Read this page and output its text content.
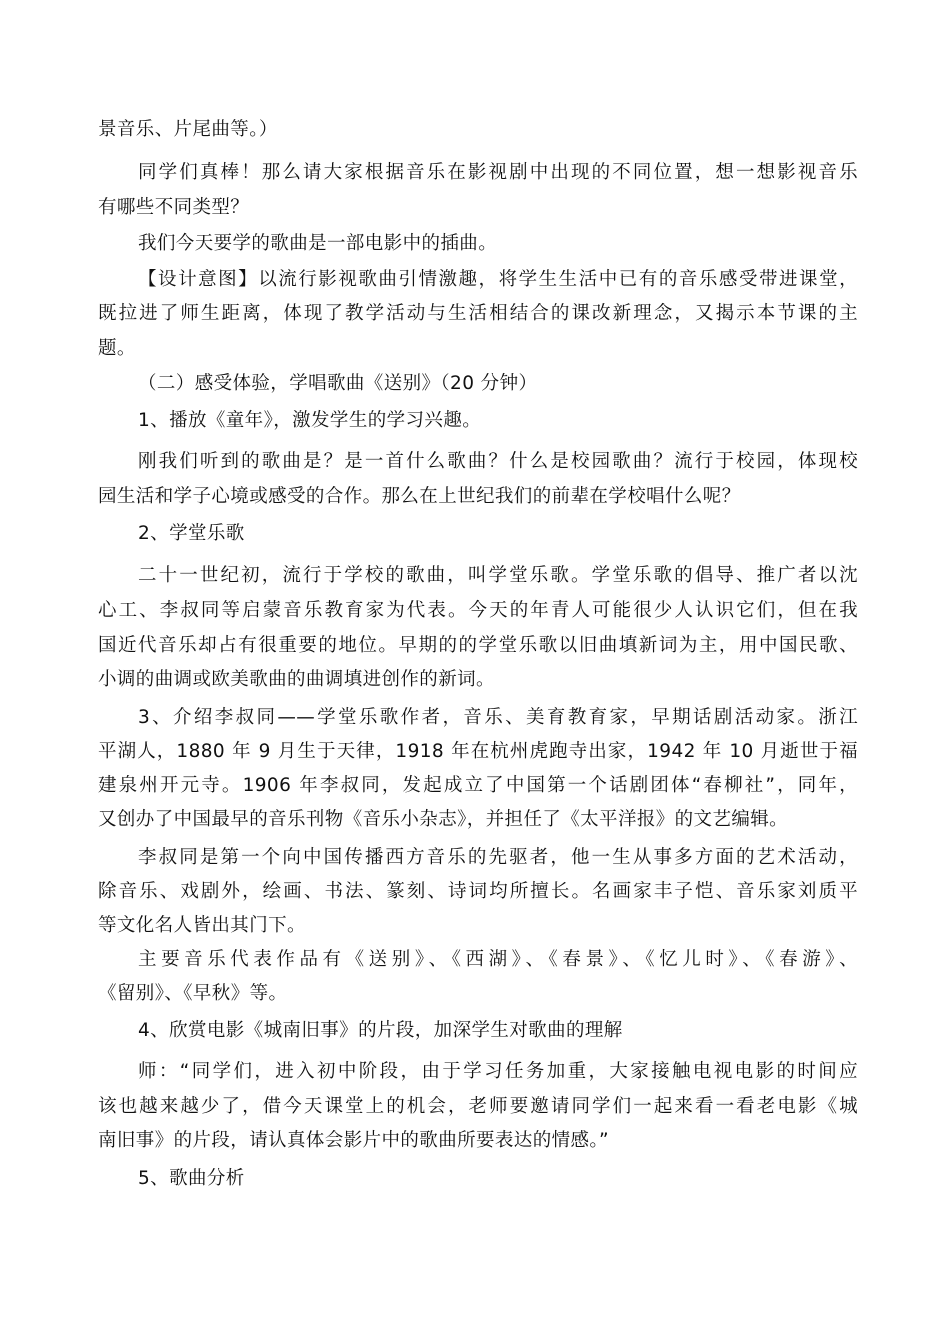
景音乐、片尾曲等。）
同学们真棒！那么请大家根据音乐在影视剧中出现的不同位置，想一想影视音乐
有哪些不同类型？
我们今天要学的歌曲是一部电影中的插曲。
【设计意图】以流行影视歌曲引情激趣，将学生生活中已有的音乐感受带进课堂，
既拉进了师生距离，体现了教学活动与生活相结合的课改新理念，又揭示本节课的主
题。
（二）感受体验，学唱歌曲《送别》（20 分钟）
1、播放《童年》，激发学生的学习兴趣。
刚我们听到的歌曲是？是一首什么歌曲？什么是校园歌曲？流行于校园，体现校
园生活和学子心境或感受的合作。那么在上世纪我们的前辈在学校唱什么呢？
2、学堂乐歌
二十一世纪初，流行于学校的歌曲，叫学堂乐歌。学堂乐歌的倡导、推广者以沈
心工、李叔同等启蒙音乐教育家为代表。今天的年青人可能很少人认识它们，但在我
国近代音乐却占有很重要的地位。早期的的学堂乐歌以旧曲填新词为主，用中国民歌、
小调的曲调或欧美歌曲的曲调填进创作的新词。
3、介绍李叔同——学堂乐歌作者，音乐、美育教育家，早期话剧活动家。浙江
平湖人，1880 年 9 月生于天律，1918 年在杭州虎跑寺出家，1942 年 10 月逝世于福
建泉州开元寺。1906 年李叔同，发起成立了中国第一个话剧团体“春柳社”，同年，
又创办了中国最早的音乐刊物《音乐小杂志》，并担任了《太平洋报》的文艺编辑。
李叔同是第一个向中国传播西方音乐的先驱者，他一生从事多方面的艺术活动，
除音乐、戏剧外，绘画、书法、篆刻、诗词均所擅长。名画家丰子恺、音乐家刘质平
等文化名人皆出其门下。
主要音乐代表作品有《送别》、《西湖》、《春景》、《忆儿时》、《春游》、
《留别》、《早秋》等。
4、欣赏电影《城南旧事》的片段，加深学生对歌曲的理解
师：“同学们，进入初中阶段，由于学习任务加重，大家接触电视电影的时间应
该也越来越少了，借今天课堂上的机会，老师要邀请同学们一起来看一看老电影《城
南旧事》的片段，请认真体会影片中的歌曲所要表达的情感。”
5、歌曲分析
